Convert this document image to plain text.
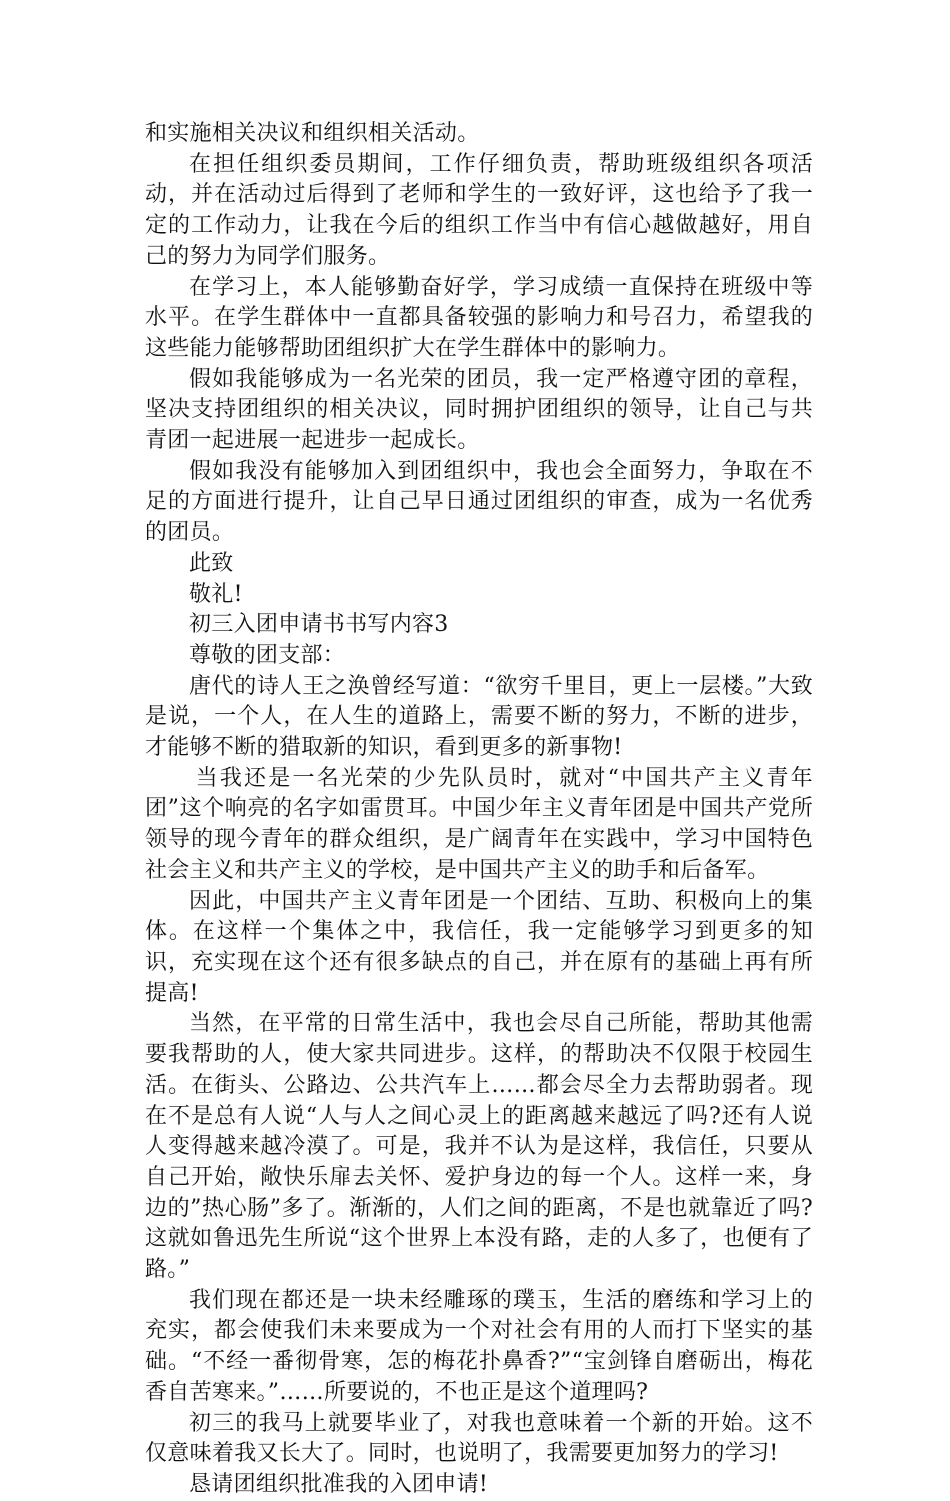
和实施相关决议和组织相关活动。

在担任组织委员期间，工作仔细负责，帮助班级组织各项活动，并在活动过后得到了老师和学生的一致好评，这也给予了我一定的工作动力，让我在今后的组织工作当中有信心越做越好，用自己的努力为同学们服务。

在学习上，本人能够勤奋好学，学习成绩一直保持在班级中等水平。在学生群体中一直都具备较强的影响力和号召力，希望我的这些能力能够帮助团组织扩大在学生群体中的影响力。

假如我能够成为一名光荣的团员，我一定严格遵守团的章程，坚决支持团组织的相关决议，同时拥护团组织的领导，让自己与共青团一起进展一起进步一起成长。

假如我没有能够加入到团组织中，我也会全面努力，争取在不足的方面进行提升，让自己早日通过团组织的审查，成为一名优秀的团员。

此致

敬礼!

初三入团申请书书写内容3

尊敬的团支部：

唐代的诗人王之涣曾经写道：“欲穷千里目，更上一层楼。”大致是说，一个人，在人生的道路上，需要不断的努力，不断的进步，才能够不断的猎取新的知识，看到更多的新事物!

当我还是一名光荣的少先队员时，就对“中国共产主义青年团”这个响亮的名字如雷贯耳。中国少年主义青年团是中国共产党所领导的现今青年的群众组织，是广阔青年在实践中，学习中国特色社会主义和共产主义的学校，是中国共产主义的助手和后备军。

因此，中国共产主义青年团是一个团结、互助、积极向上的集体。在这样一个集体之中，我信任，我一定能够学习到更多的知识，充实现在这个还有很多缺点的自己，并在原有的基础上再有所提高!

当然，在平常的日常生活中，我也会尽自己所能，帮助其他需要我帮助的人，使大家共同进步。这样，的帮助决不仅限于校园生活。在街头、公路边、公共汽车上……都会尽全力去帮助弱者。现在不是总有人说“人与人之间心灵上的距离越来越远了吗?还有人说人变得越来越冷漠了。可是，我并不认为是这样，我信任，只要从自己开始，敞快乐扉去关怀、爱护身边的每一个人。这样一来，身边的”热心肠”多了。渐渐的，人们之间的距离，不是也就靠近了吗?这就如鲁迅先生所说“这个世界上本没有路，走的人多了，也便有了路。”

我们现在都还是一块未经雕琢的璞玉，生活的磨练和学习上的充实，都会使我们未来要成为一个对社会有用的人而打下坚实的基础。“不经一番彻骨寒，怎的梅花扑鼻香?”“宝剑锋自磨砺出，梅花香自苦寒来。”……所要说的，不也正是这个道理吗?

初三的我马上就要毕业了，对我也意味着一个新的开始。这不仅意味着我又长大了。同时，也说明了，我需要更加努力的学习!

恳请团组织批准我的入团申请!
